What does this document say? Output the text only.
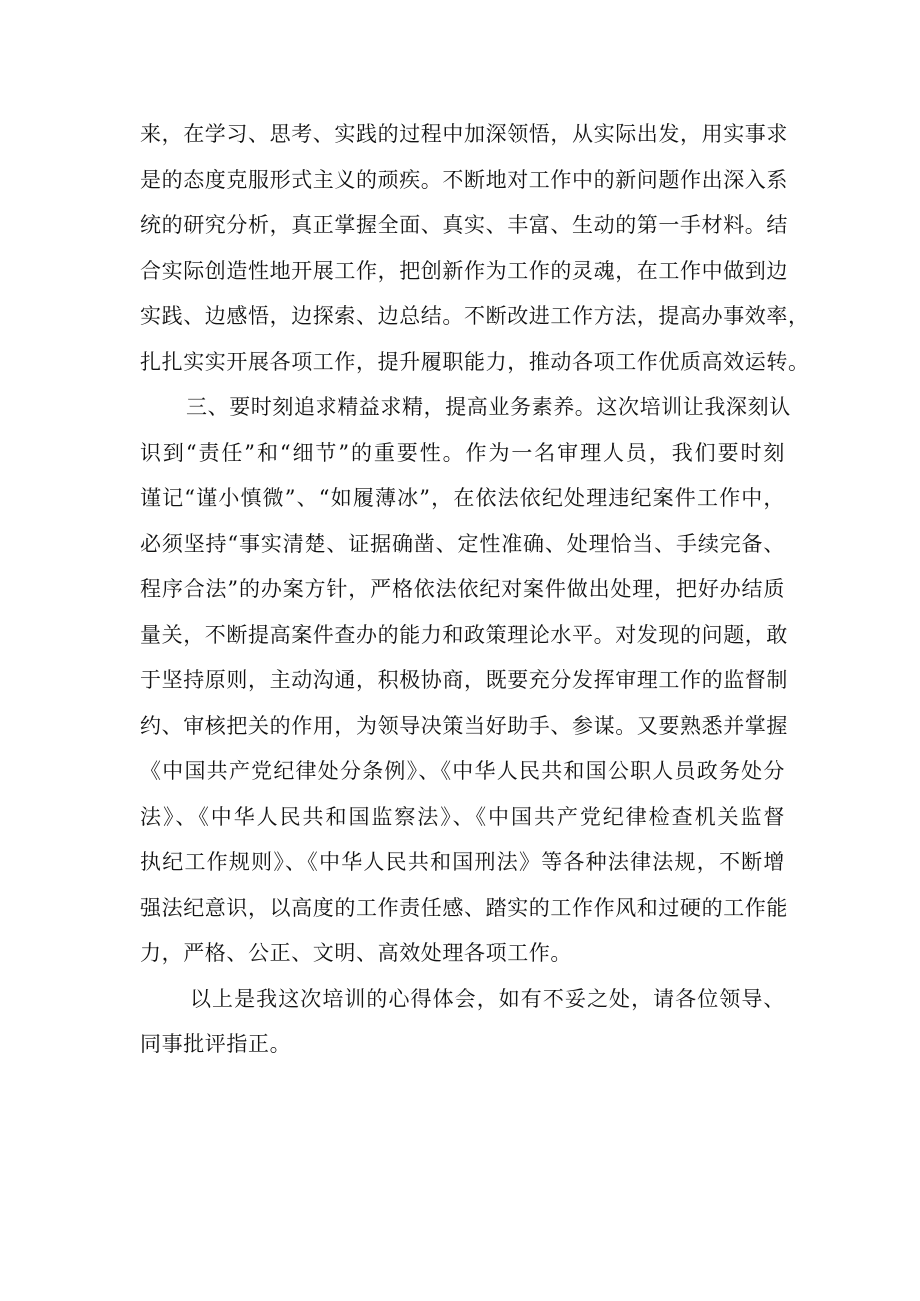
来，在学习、思考、实践的过程中加深领悟，从实际出发，用实事求
是的态度克服形式主义的顽疾。不断地对工作中的新问题作出深入系
统的研究分析，真正掌握全面、真实、丰富、生动的第一手材料。结
合实际创造性地开展工作，把创新作为工作的灵魂，在工作中做到边
实践、边感悟，边探索、边总结。不断改进工作方法，提高办事效率，
扎扎实实开展各项工作，提升履职能力，推动各项工作优质高效运转。
三、要时刻追求精益求精，提高业务素养。这次培训让我深刻认
识到“责任”和“细节”的重要性。作为一名审理人员，我们要时刻
谨记“谨小慎微”、“如履薄冰”，在依法依纪处理违纪案件工作中，
必须坚持“事实清楚、证据确凿、定性准确、处理恰当、手续完备、
程序合法”的办案方针，严格依法依纪对案件做出处理，把好办结质
量关，不断提高案件查办的能力和政策理论水平。对发现的问题，敢
于坚持原则，主动沟通，积极协商，既要充分发挥审理工作的监督制
约、审核把关的作用，为领导决策当好助手、参谋。又要熟悉并掌握
《中国共产党纪律处分条例》、《中华人民共和国公职人员政务处分
法》、《中华人民共和国监察法》、《中国共产党纪律检查机关监督
执纪工作规则》、《中华人民共和国刑法》等各种法律法规，不断增
强法纪意识，以高度的工作责任感、踏实的工作作风和过硬的工作能
力，严格、公正、文明、高效处理各项工作。
以上是我这次培训的心得体会，如有不妥之处，请各位领导、
同事批评指正。
